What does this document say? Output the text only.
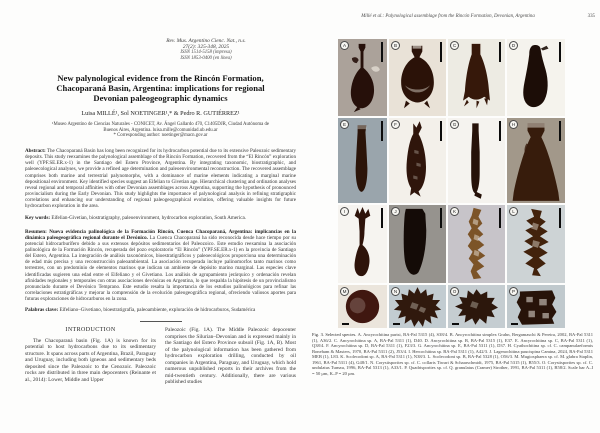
Rev. Mus. Argentino Cienc. Nat., n.s.
27(2): 325-348, 2025
ISSN 1514-5158 (impresa)
ISSN 1853-0400 (en línea)
New palynological evidence from the Rincón Formation, Chacoparaná Basin, Argentina: implications for regional Devonian paleogeographic dynamics
Luisa MILLÉ¹, Sol NOETINGER¹,* & Pedro R. GUTIÉRREZ¹
¹Museo Argentino de Ciencias Naturales - CONICET, Av. Ángel Gallardo 470, C1405DJR, Ciudad Autónoma de
Buenos Aires, Argentina. luisa.mille@comunidad.ub.edu.ar
* Corresponding author: noetinger@macn.gov.ar

Abstract: The Chacoparaná Basin has long been recognized for its hydrocarbon potential due to its extensive Paleozoic sedimentary deposits. This study reexamines the palynological assemblage of the Rincón Formation, recovered from the “El Rincón” exploration well (YPF.SE.ER.x-1) in the Santiago del Estero Province, Argentina. By integrating taxonomic, biostratigraphic, and paleoecological analyses, we provide a refined age determination and paleoenvironmental reconstruction. The recovered assemblage comprises both marine and terrestrial palynomorphs, with a dominance of marine elements indicating a marginal marine depositional environment. Key identified species suggest an Eifelian to Givetian age. Hierarchical clustering and ordination analyses reveal regional and temporal affinities with other Devonian assemblages across Argentina, supporting the hypothesis of pronounced provincialism during the Early Devonian. This study highlights the importance of palynological analysis in refining stratigraphic correlations and enhancing our understanding of regional paleogeographical evolution, offering valuable insights for future hydrocarbon exploration in the area.

Key words: Eifelian-Givetian, biostratigraphy, paleoenvironment, hydrocarbon exploration, South America.

Resumen: Nueva evidencia palinológica de la Formación Rincón, Cuenca Chacoparaná, Argentina: implicancias en la dinámica paleogeográfica regional durante el Devónico. La Cuenca Chacoparaná ha sido reconocida desde hace tiempo por su potencial hidrocarburífero debido a sus extensos depósitos sedimentarios del Paleozoico. Este estudio reexamina la asociación palinológica de la Formación Rincón, recuperada del pozo exploratorio “El Rincón” (YPF.SE.ER.x-1) en la provincia de Santiago del Estero, Argentina. La integración de análisis taxonómicos, bioestratigráficos y paleoecológicos proporciona una determinación de edad más precisa y una reconstrucción paleoambiental. La asociación recuperada incluye palinomorfos tanto marinos como terrestres, con un predominio de elementos marinos que indican un ambiente de depósito marino marginal. Las especies clave identificadas sugieren una edad entre el Eifeliano y el Givetiano. Los análisis de agrupamiento jerárquico y ordenación revelan afinidades regionales y temporales con otras asociaciones devónicas en Argentina, lo que respalda la hipótesis de un provincialismo pronunciado durante el Devónico Temprano. Este estudio resalta la importancia de los estudios palinológicos para refinar las correlaciones estratigráficas y mejorar la comprensión de la evolución paleogeográfica regional, ofreciendo valiosos aportes para futuras exploraciones de hidrocarburos en la zona.

Palabras clave: Eifeliano–Givetiano, bioestratigrafía, paleoambiente, exploración de hidrocarburos, Sudamérica

INTRODUCTION

The Chacoparaná basin (Fig. 1A) is known for its potential to host hydrocarbons due to its sedimentary structure. It spans across parts of Argentina, Brazil, Paraguay and Uruguay, including both igneous and sedimentary beds deposited since the Paleozoic to the Cenozoic. Paleozoic rocks are distributed in three main depocenters (Reinante et al., 2014): Lower, Middle and Upper

Paleozoic (Fig. 1A). The Middle Paleozoic depocenter comprises the Silurian–Devonian and is expressed mainly in the Santiago del Estero Province subsoil (Fig. 1A, B). Most of the palynological information has been gathered from hydrocarbon exploration drilling, conducted by oil companies in Argentina, Paraguay, and Uruguay, which hold numerous unpublished reports in their archives from the mid-twentieth century. Additionally, there are various published studies

Millé et al.: Palynological assemblage from the Rincón Formation, Devonian, Argentina	335
A	B	C	D
E	F	G	H
I	J	K	L
M	N	O	P

Fig. 3. Selected species. A. Ancyrochitina parisi, BA-Pal 5315 (4), S38/4. B. Ancyrochitina simplex Grahn, Bergamaschi & Pereira, 2002, BA-Pal 5311 (1), A36/2. C. Ancyrochitina sp. A, BA-Pal 5311 (1), D40. D. Ancyrochitina sp. B, BA-Pal 5315 (1), E37. E. Ancyrochitina sp. C, BA-Pal 5311 (1), Q38/4. F. Ancyrochitina sp. D, BA-Pal 5311 (1), F23/3. G. Ancyrochitina sp. E, BA-Pal 5311 (1), D37. H. Cyathochitina sp. cf. C. campanulaeformis Boneham & Masters, 1970, BA-Pal 5311 (2), J53/4. I. Hercochitina sp. BA-Pal 5311 (1), A42/3. J. Lagenochitina paucispina Camina, 2024, BA-Pal 5311 MEB (1), L83. K. Scolecodont sp. A, BA-Pal 5311 (1), N38/3. L. Scolecodont sp. B, BA-Pal 5328 (1), O56/3. M. Mugiosphaera sp. cf. M. glabra Staplin, 1961, BA-Pal 5311 (4), G48/1. N. Corystisporites sp. cf. C. collaris Tiwari & Schaarschmidt, 1975, BA-Pal 5315 (1), B55/3. O. Corystisporites sp. cf. C. undulatus Turnau, 1996, BA-Pal 5313 (1), A33/1. P. Quadrisporites sp. cf. Q. granulatus (Cramer) Strother, 1991, BA-Pal 5311 (1), B58/2. Scale bar A–I = 50 μm, K–P = 20 μm.
